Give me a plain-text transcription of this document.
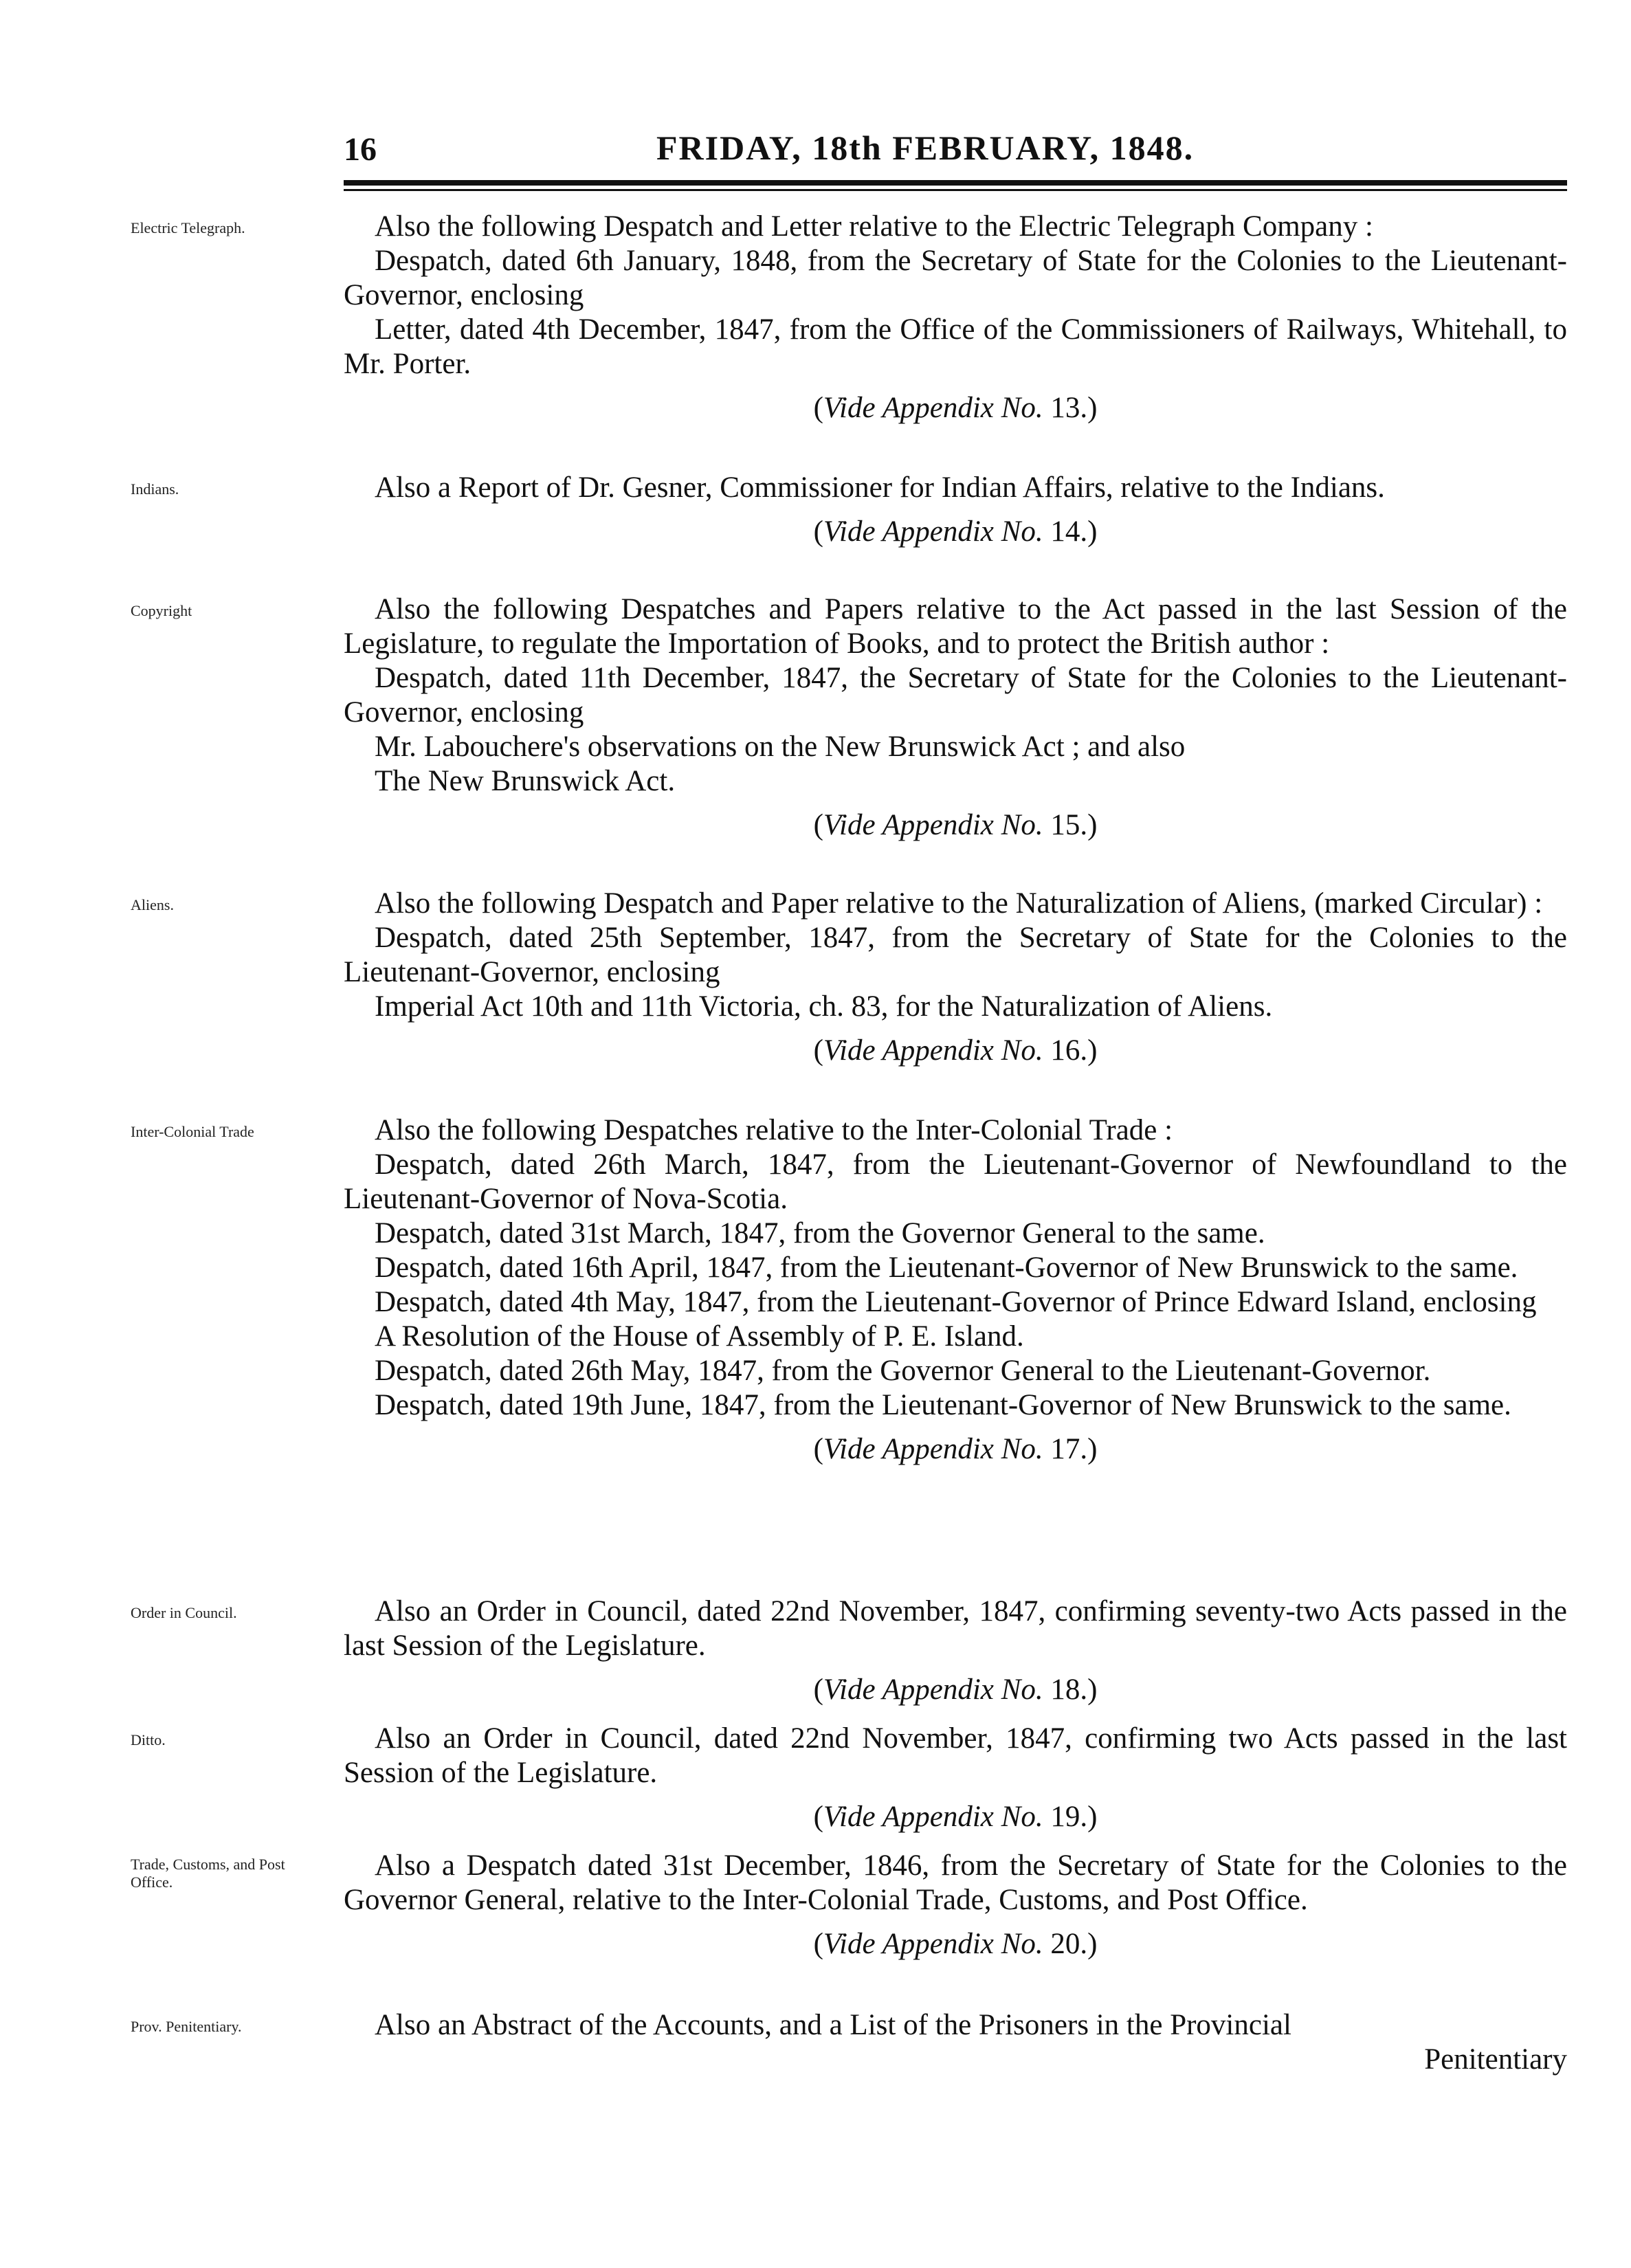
16	FRIDAY, 18th FEBRUARY, 1848.
Electric Telegraph.	Also the following Despatch and Letter relative to the Electric Telegraph Company :

Despatch, dated 6th January, 1848, from the Secretary of State for the Colonies to the Lieutenant-Governor, enclosing

Letter, dated 4th December, 1847, from the Office of the Commissioners of Railways, Whitehall, to Mr. Porter.

(Vide Appendix No. 13.)

Indians.	Also a Report of Dr. Gesner, Commissioner for Indian Affairs, relative to the Indians.

(Vide Appendix No. 14.)

Copyright	Also the following Despatches and Papers relative to the Act passed in the last Session of the Legislature, to regulate the Importation of Books, and to protect the British author :

Despatch, dated 11th December, 1847, the Secretary of State for the Colonies to the Lieutenant-Governor, enclosing

Mr. Labouchere's observations on the New Brunswick Act ; and also

The New Brunswick Act.

(Vide Appendix No. 15.)

Aliens.	Also the following Despatch and Paper relative to the Naturalization of Aliens, (marked Circular) :

Despatch, dated 25th September, 1847, from the Secretary of State for the Colonies to the Lieutenant-Governor, enclosing

Imperial Act 10th and 11th Victoria, ch. 83, for the Naturalization of Aliens.

(Vide Appendix No. 16.)

Inter-Colonial Trade	Also the following Despatches relative to the Inter-Colonial Trade :

Despatch, dated 26th March, 1847, from the Lieutenant-Governor of Newfoundland to the Lieutenant-Governor of Nova-Scotia.

Despatch, dated 31st March, 1847, from the Governor General to the same.

Despatch, dated 16th April, 1847, from the Lieutenant-Governor of New Brunswick to the same.

Despatch, dated 4th May, 1847, from the Lieutenant-Governor of Prince Edward Island, enclosing

A Resolution of the House of Assembly of P. E. Island.

Despatch, dated 26th May, 1847, from the Governor General to the Lieutenant-Governor.

Despatch, dated 19th June, 1847, from the Lieutenant-Governor of New Brunswick to the same.

(Vide Appendix No. 17.)

Order in Council.	Also an Order in Council, dated 22nd November, 1847, confirming seventy-two Acts passed in the last Session of the Legislature.

(Vide Appendix No. 18.)

Ditto.	Also an Order in Council, dated 22nd November, 1847, confirming two Acts passed in the last Session of the Legislature.

(Vide Appendix No. 19.)

Trade, Customs, and Post Office.

Also a Despatch dated 31st December, 1846, from the Secretary of State for the Colonies to the Governor General, relative to the Inter-Colonial Trade, Customs, and Post Office.

(Vide Appendix No. 20.)

Prov. Penitentiary.	Also an Abstract of the Accounts, and a List of the Prisoners in the Provincial

Penitentiary
